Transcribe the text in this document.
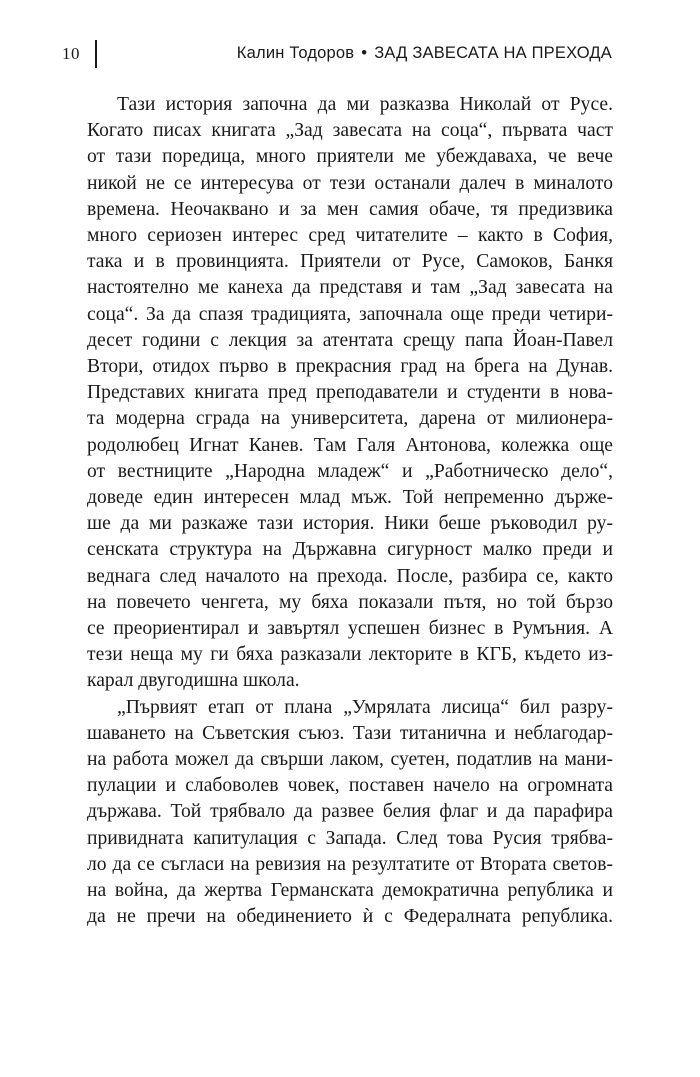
10	Калин Тодоров • ЗАД ЗАВЕСАТА НА ПРЕХОДА
Тази история започна да ми разказва Николай от Русе.
Когато писах книгата „Зад завесата на соца“, първата част
от тази поредица, много приятели ме убеждаваха, че вече
никой не се интересува от тези останали далеч в миналото
времена. Неочаквано и за мен самия обаче, тя предизвика
много сериозен интерес сред читателите – както в София,
така и в провинцията. Приятели от Русе, Самоков, Банкя
настоятелно ме канеха да представя и там „Зад завесата на
соца“. За да спазя традицията, започнала още преди четири-
десет години с лекция за атентата срещу папа Йоан-Павел
Втори, отидох първо в прекрасния град на брега на Дунав.
Представих книгата пред преподаватели и студенти в нова-
та модерна сграда на университета, дарена от милионера-
родолюбец Игнат Канев. Там Галя Антонова, колежка още
от вестниците „Народна младеж“ и „Работническо дело“,
доведе един интересен млад мъж. Той непременно държе-
ше да ми разкаже тази история. Ники беше ръководил ру-
сенската структура на Държавна сигурност малко преди и
веднага след началото на прехода. После, разбира се, както
на повечето ченгета, му бяха показали пътя, но той бързо
се преориентирал и завъртял успешен бизнес в Румъния. А
тези неща му ги бяха разказали лекторите в КГБ, където из-
карал двугодишна школа.
„Първият етап от плана „Умрялата лисица“ бил разру-
шаването на Съветския съюз. Тази титанична и неблагодар-
на работа можел да свърши лаком, суетен, податлив на мани-
пулации и слабоволев човек, поставен начело на огромната
държава. Той трябвало да развее белия флаг и да парафира
привидната капитулация с Запада. След това Русия трябва-
ло да се съгласи на ревизия на резултатите от Втората светов-
на война, да жертва Германската демократична република и
да не пречи на обединението ѝ с Федералната република.
